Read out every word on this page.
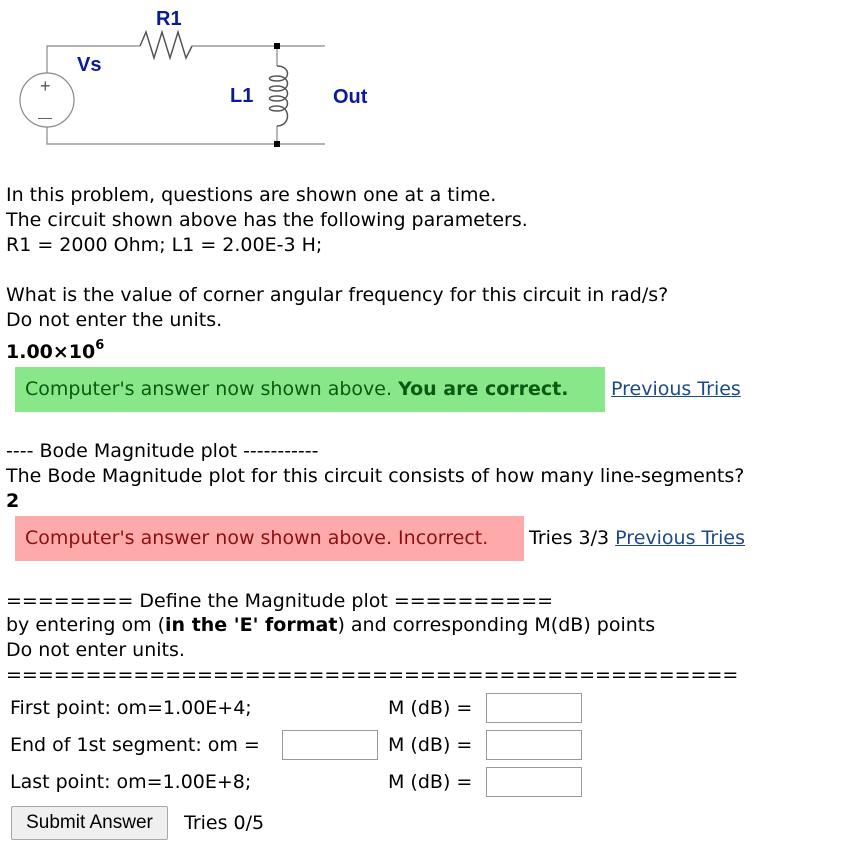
+
—
R1
Vs
L1	Out
In this problem, questions are shown one at a time.
The circuit shown above has the following parameters.
R1 = 2000 Ohm; L1 = 2.00E-3 H;
What is the value of corner angular frequency for this circuit in rad/s?
Do not enter the units.
$1.00\times 10^6$
Computer's answer now shown above. You are correct.	Previous Tries
---- Bode Magnitude plot -----------
The Bode Magnitude plot for this circuit consists of how many line-segments?
2
Computer's answer now shown above. Incorrect.	Tries 3/3 Previous Tries
======== Define the Magnitude plot ==========
by entering om (in the 'E' format) and corresponding M(dB) points
Do not enter units.
==============================================
First point: om=1.00E+4;	M (dB) =
End of 1st segment: om =	M (dB) =
Last point: om=1.00E+8;	M (dB) =
Submit Answer	Tries 0/5
